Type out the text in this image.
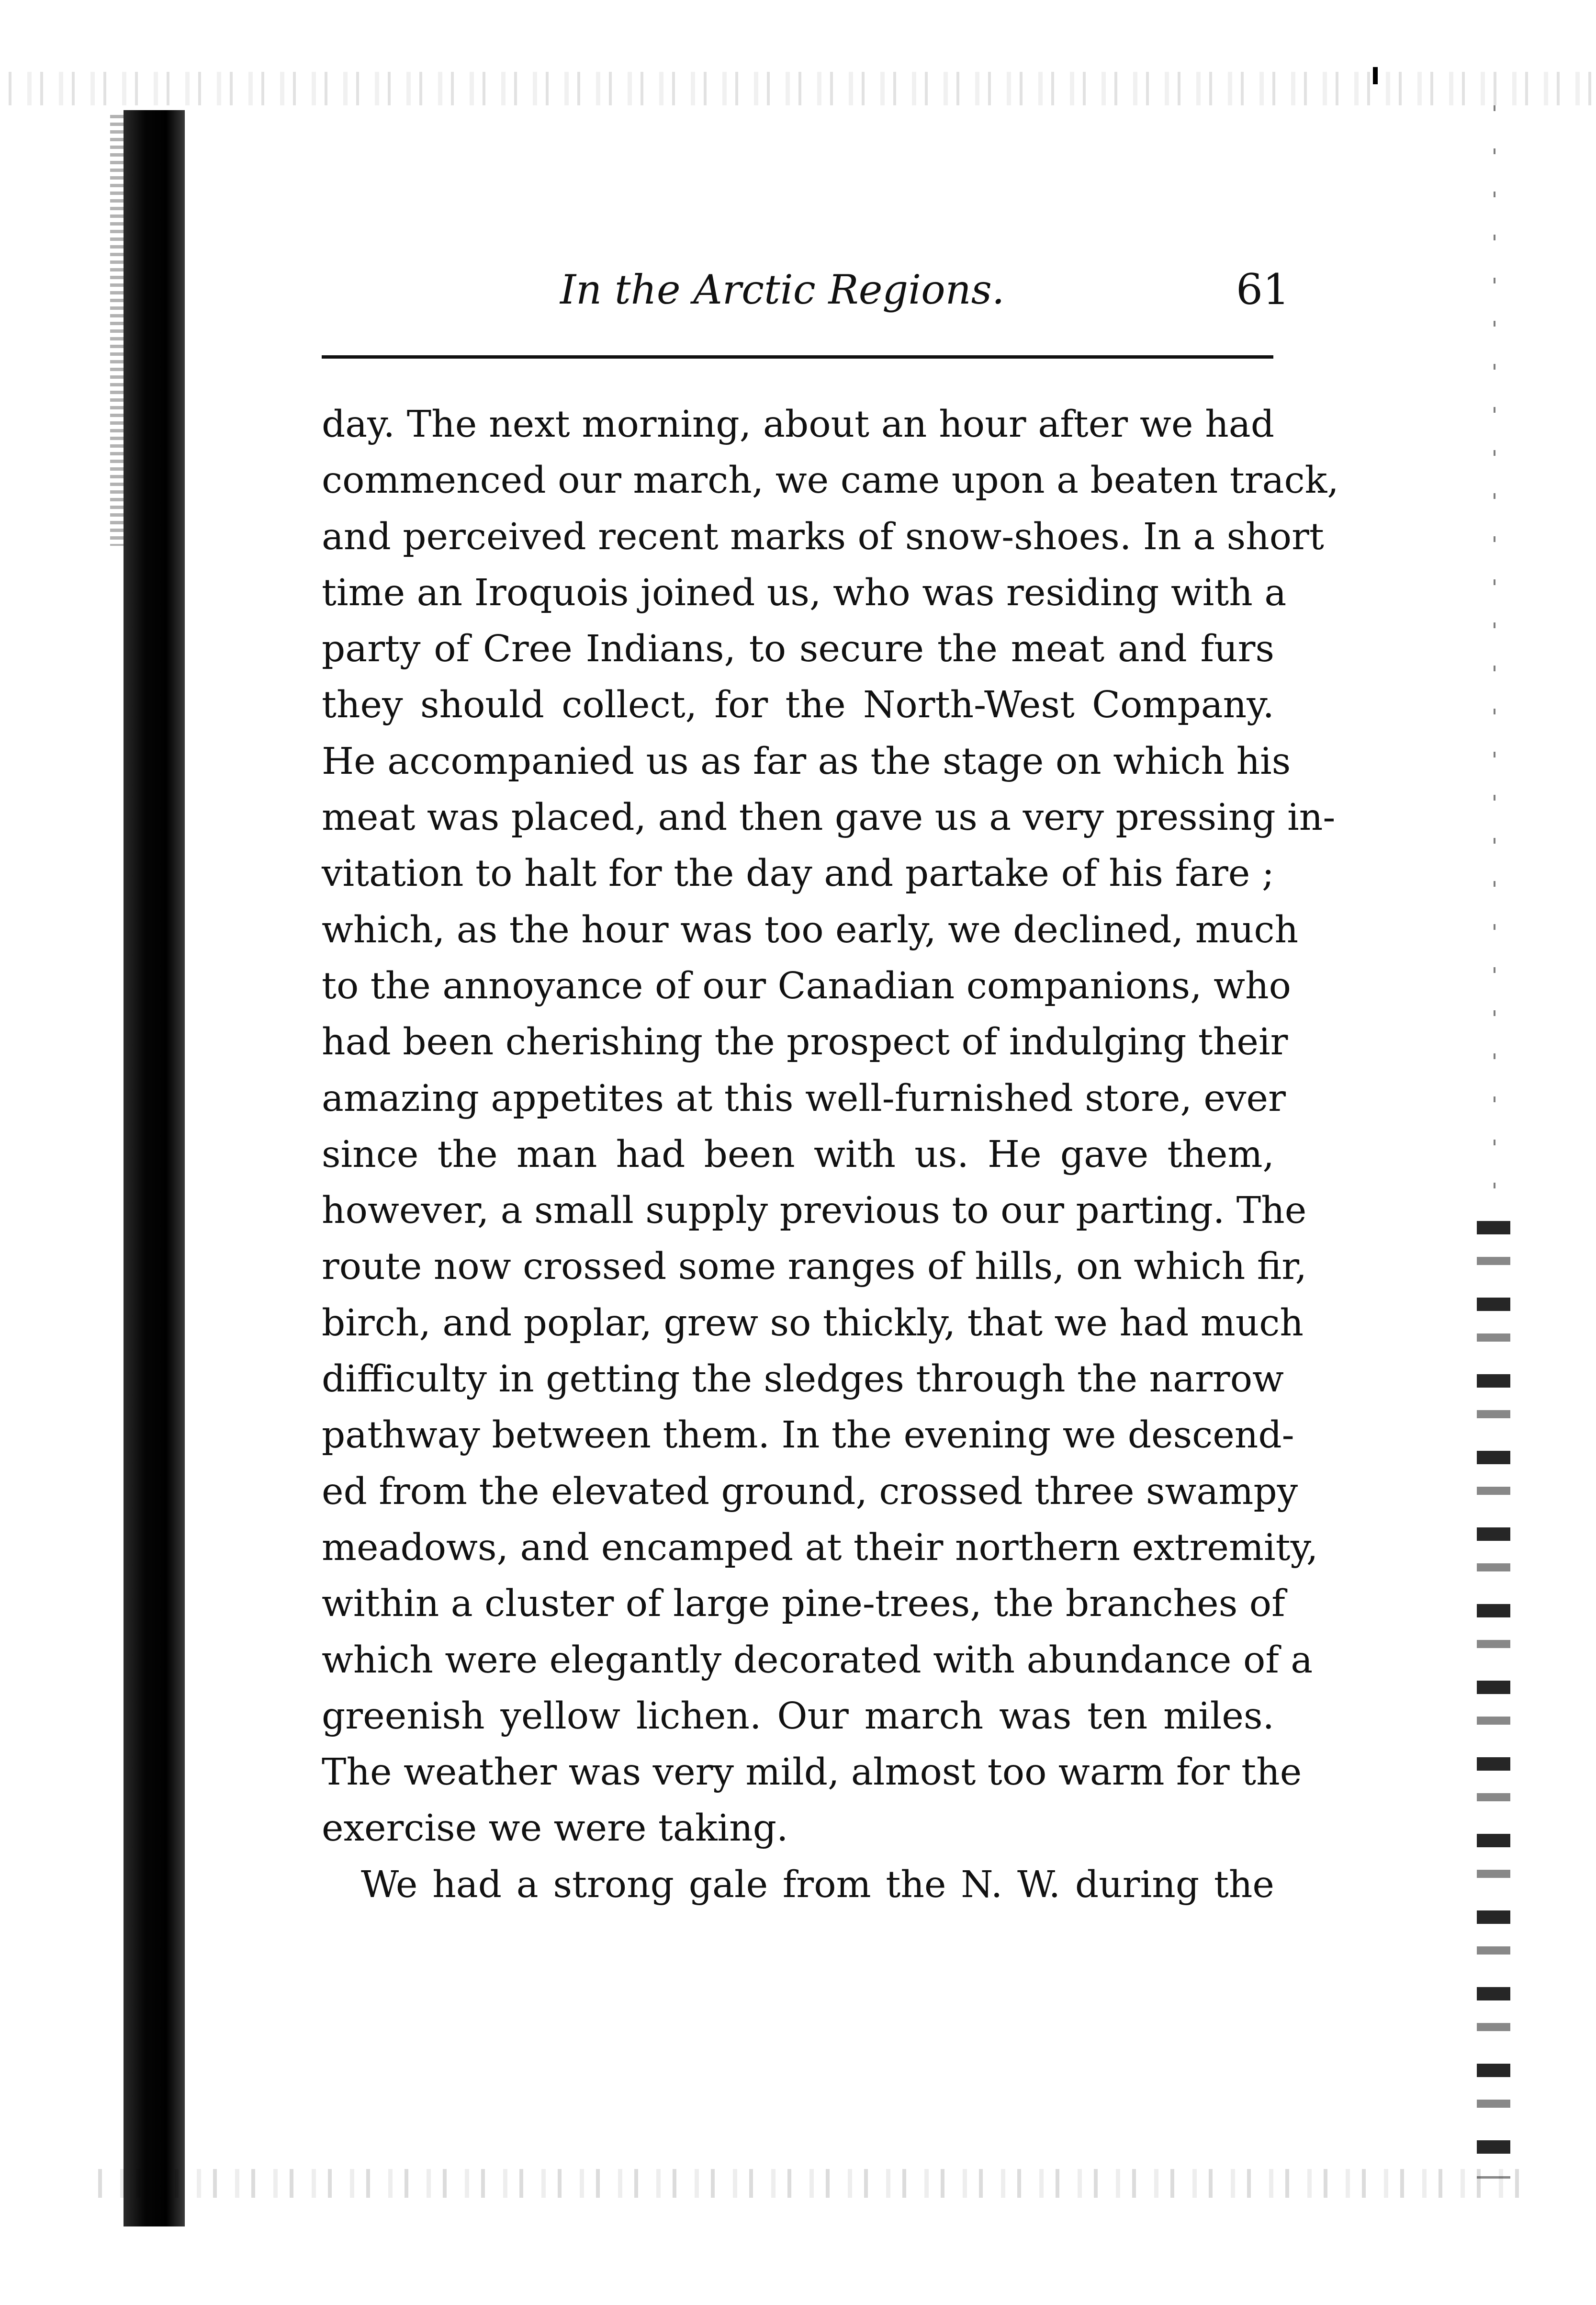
In the Arctic Regions.	61
day. The next morning, about an hour after we had
commenced our march, we came upon a beaten track,
and perceived recent marks of snow-shoes. In a short
time an Iroquois joined us, who was residing with a
party of Cree Indians, to secure the meat and furs
they should collect, for the North-West Company.
He accompanied us as far as the stage on which his
meat was placed, and then gave us a very pressing in-
vitation to halt for the day and partake of his fare ;
which, as the hour was too early, we declined, much
to the annoyance of our Canadian companions, who
had been cherishing the prospect of indulging their
amazing appetites at this well-furnished store, ever
since the man had been with us. He gave them,
however, a small supply previous to our parting. The
route now crossed some ranges of hills, on which fir,
birch, and poplar, grew so thickly, that we had much
difficulty in getting the sledges through the narrow
pathway between them. In the evening we descend-
ed from the elevated ground, crossed three swampy
meadows, and encamped at their northern extremity,
within a cluster of large pine-trees, the branches of
which were elegantly decorated with abundance of a
greenish yellow lichen. Our march was ten miles.
The weather was very mild, almost too warm for the
exercise we were taking.
We had a strong gale from the N. W. during the
